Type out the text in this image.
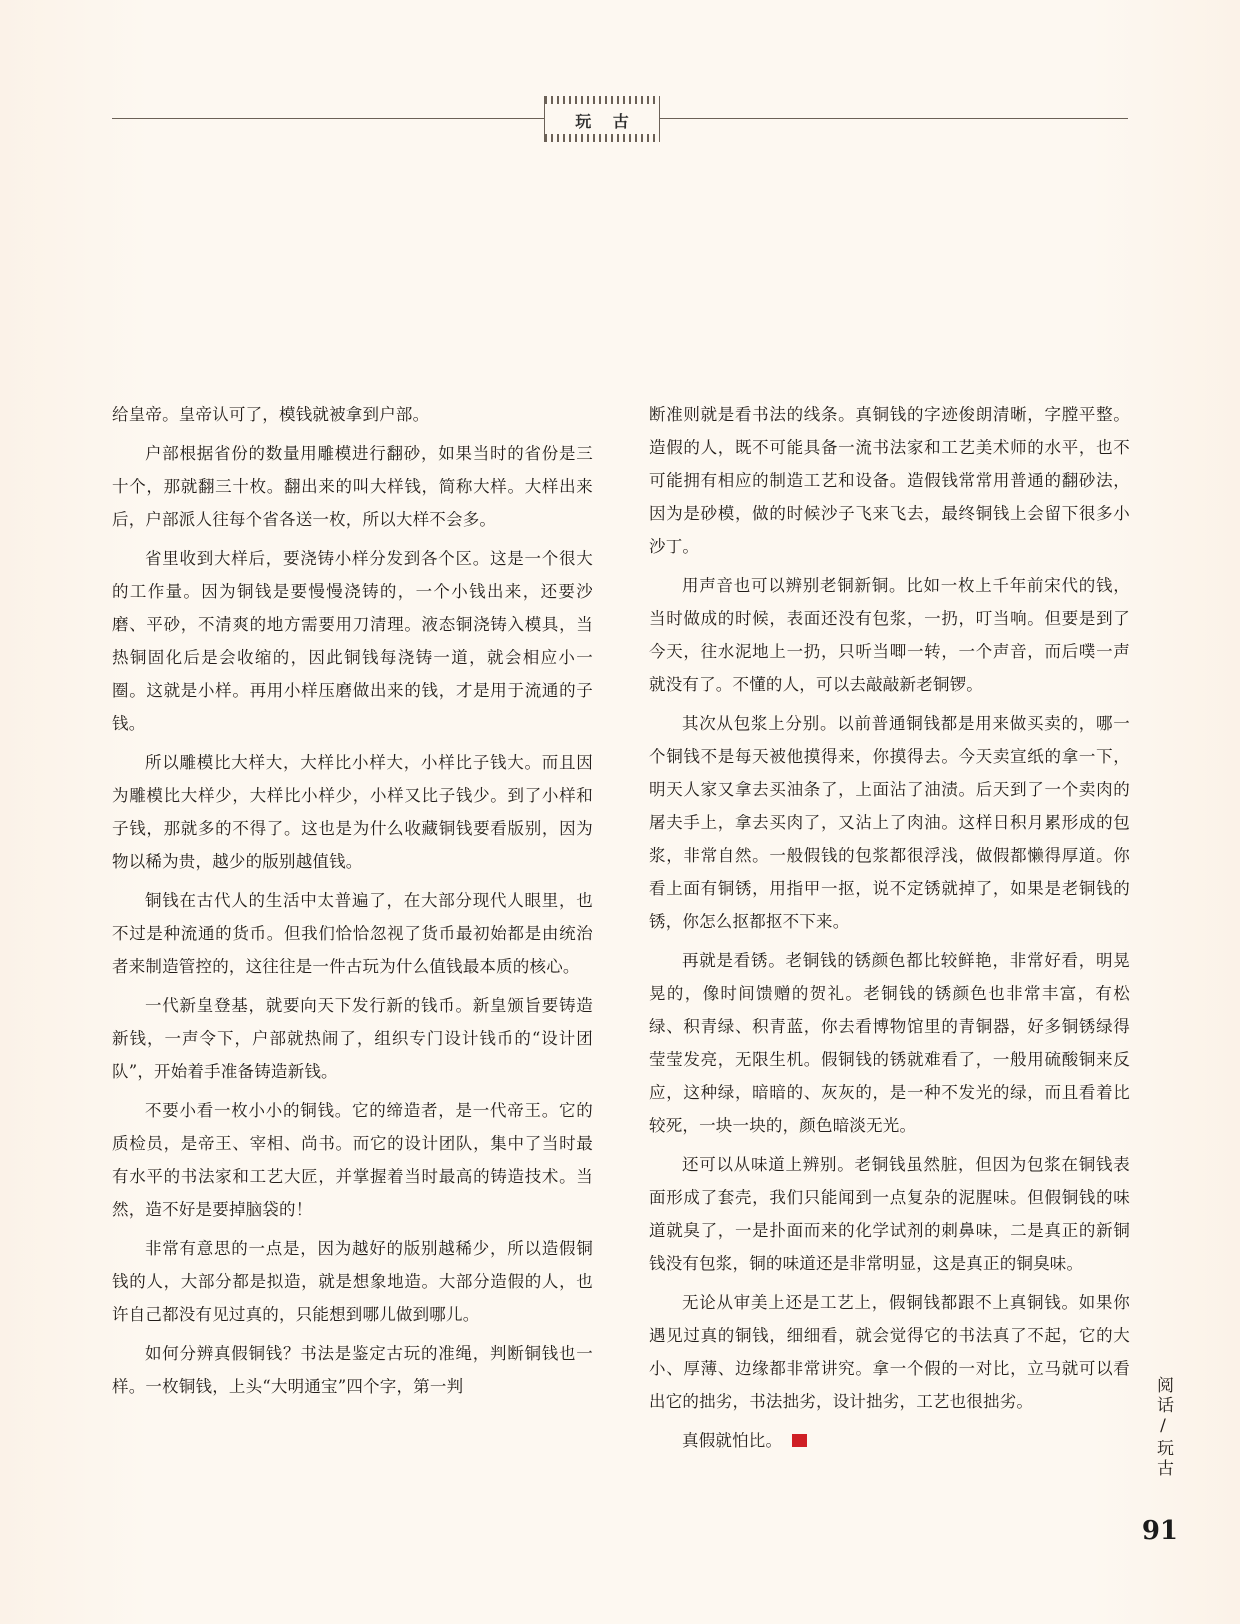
玩 古

给皇帝。皇帝认可了，模钱就被拿到户部。

户部根据省份的数量用雕模进行翻砂，如果当时的省份是三十个，那就翻三十枚。翻出来的叫大样钱，简称大样。大样出来后，户部派人往每个省各送一枚，所以大样不会多。

省里收到大样后，要浇铸小样分发到各个区。这是一个很大的工作量。因为铜钱是要慢慢浇铸的，一个小钱出来，还要沙磨、平砂，不清爽的地方需要用刀清理。液态铜浇铸入模具，当热铜固化后是会收缩的，因此铜钱每浇铸一道，就会相应小一圈。这就是小样。再用小样压磨做出来的钱，才是用于流通的子钱。

所以雕模比大样大，大样比小样大，小样比子钱大。而且因为雕模比大样少，大样比小样少，小样又比子钱少。到了小样和子钱，那就多的不得了。这也是为什么收藏铜钱要看版别，因为物以稀为贵，越少的版别越值钱。

铜钱在古代人的生活中太普遍了，在大部分现代人眼里，也不过是种流通的货币。但我们恰恰忽视了货币最初始都是由统治者来制造管控的，这往往是一件古玩为什么值钱最本质的核心。

一代新皇登基，就要向天下发行新的钱币。新皇颁旨要铸造新钱，一声令下，户部就热闹了，组织专门设计钱币的“设计团队”，开始着手准备铸造新钱。

不要小看一枚小小的铜钱。它的缔造者，是一代帝王。它的质检员，是帝王、宰相、尚书。而它的设计团队，集中了当时最有水平的书法家和工艺大匠，并掌握着当时最高的铸造技术。当然，造不好是要掉脑袋的！

非常有意思的一点是，因为越好的版别越稀少，所以造假铜钱的人，大部分都是拟造，就是想象地造。大部分造假的人，也许自己都没有见过真的，只能想到哪儿做到哪儿。

如何分辨真假铜钱？书法是鉴定古玩的准绳，判断铜钱也一样。一枚铜钱，上头“大明通宝”四个字，第一判

断准则就是看书法的线条。真铜钱的字迹俊朗清晰，字膛平整。造假的人，既不可能具备一流书法家和工艺美术师的水平，也不可能拥有相应的制造工艺和设备。造假钱常常用普通的翻砂法，因为是砂模，做的时候沙子飞来飞去，最终铜钱上会留下很多小沙丁。

用声音也可以辨别老铜新铜。比如一枚上千年前宋代的钱，当时做成的时候，表面还没有包浆，一扔，叮当响。但要是到了今天，往水泥地上一扔，只听当唧一转，一个声音，而后噗一声就没有了。不懂的人，可以去敲敲新老铜锣。

其次从包浆上分别。以前普通铜钱都是用来做买卖的，哪一个铜钱不是每天被他摸得来，你摸得去。今天卖宣纸的拿一下，明天人家又拿去买油条了，上面沾了油渍。后天到了一个卖肉的屠夫手上，拿去买肉了，又沾上了肉油。这样日积月累形成的包浆，非常自然。一般假钱的包浆都很浮浅，做假都懒得厚道。你看上面有铜锈，用指甲一抠，说不定锈就掉了，如果是老铜钱的锈，你怎么抠都抠不下来。

再就是看锈。老铜钱的锈颜色都比较鲜艳，非常好看，明晃晃的，像时间馈赠的贺礼。老铜钱的锈颜色也非常丰富，有松绿、积青绿、积青蓝，你去看博物馆里的青铜器，好多铜锈绿得莹莹发亮，无限生机。假铜钱的锈就难看了，一般用硫酸铜来反应，这种绿，暗暗的、灰灰的，是一种不发光的绿，而且看着比较死，一块一块的，颜色暗淡无光。

还可以从味道上辨别。老铜钱虽然脏，但因为包浆在铜钱表面形成了套壳，我们只能闻到一点复杂的泥腥味。但假铜钱的味道就臭了，一是扑面而来的化学试剂的刺鼻味，二是真正的新铜钱没有包浆，铜的味道还是非常明显，这是真正的铜臭味。

无论从审美上还是工艺上，假铜钱都跟不上真铜钱。如果你遇见过真的铜钱，细细看，就会觉得它的书法真了不起，它的大小、厚薄、边缘都非常讲究。拿一个假的一对比，立马就可以看出它的拙劣，书法拙劣，设计拙劣，工艺也很拙劣。

真假就怕比。	阅话/玩古
91
